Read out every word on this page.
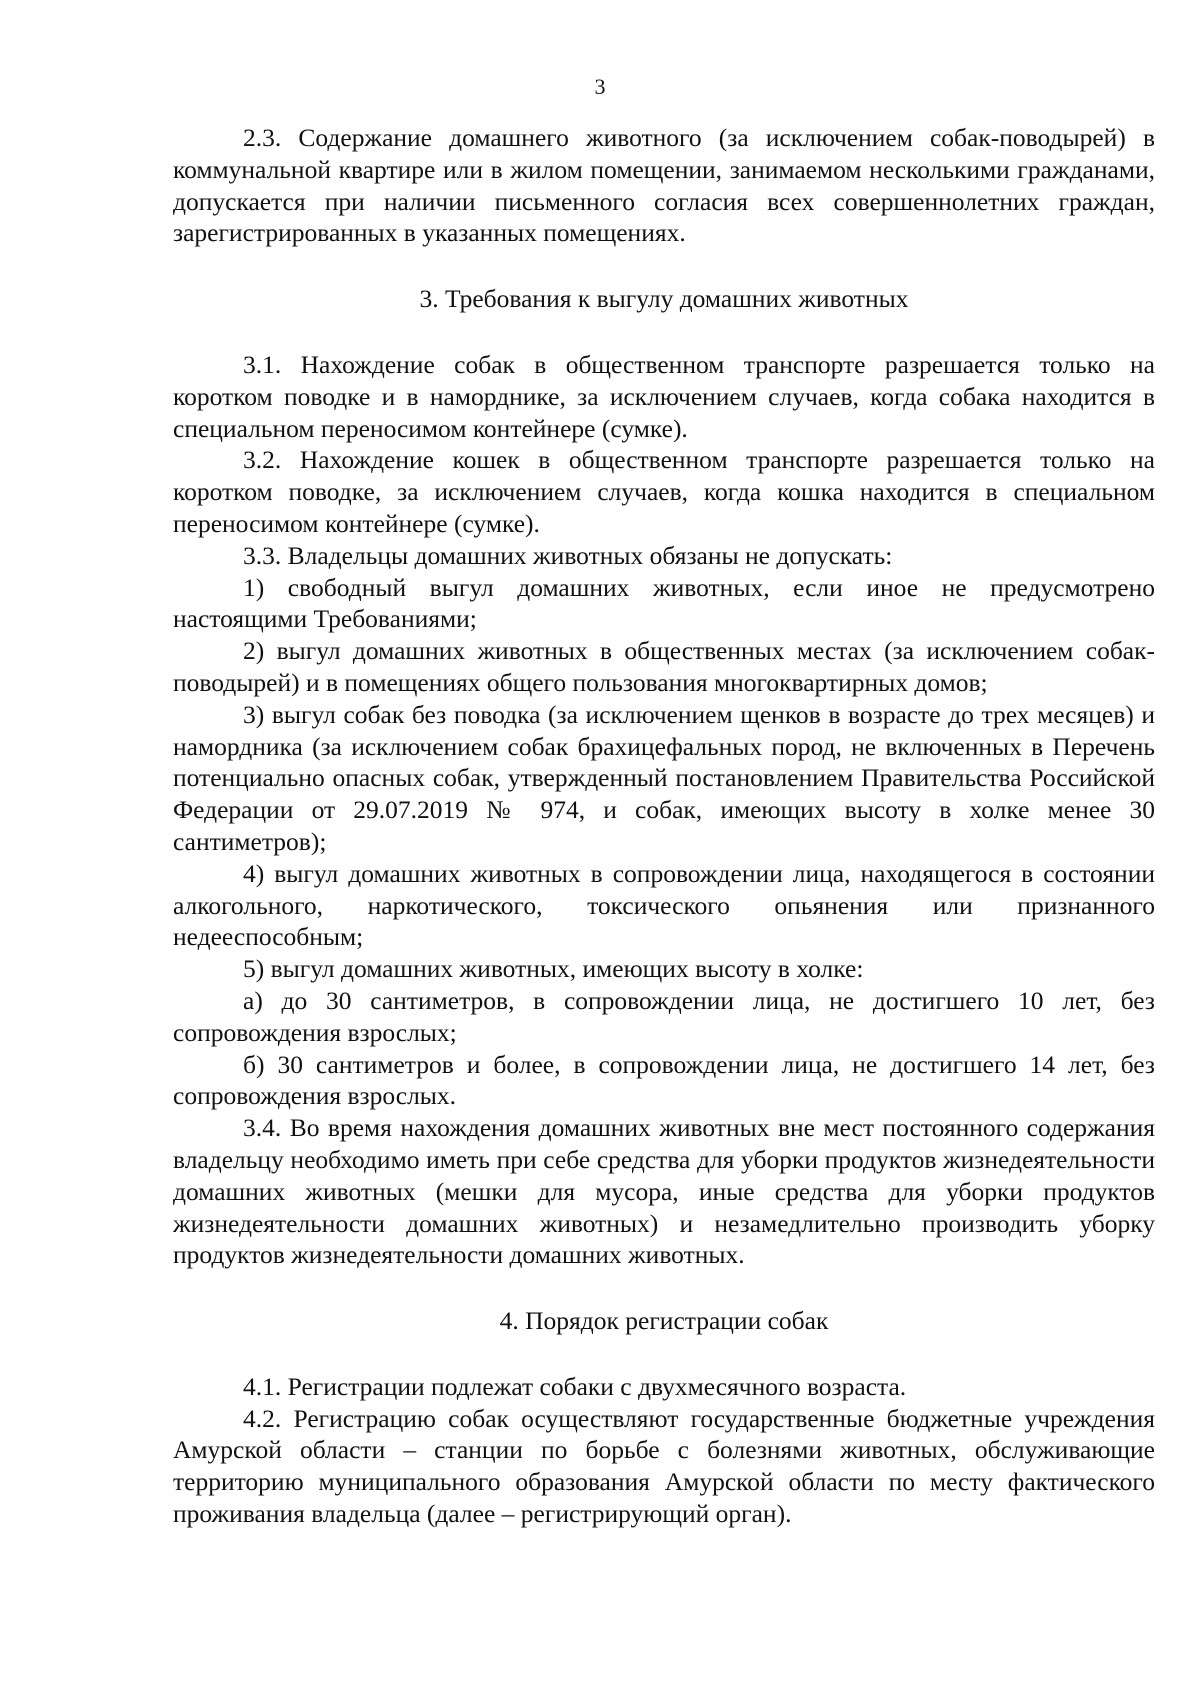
3

2.3. Содержание домашнего животного (за исключением собак-поводырей) в коммунальной квартире или в жилом помещении, занимаемом несколькими гражданами, допускается при наличии письменного согласия всех совершеннолетних граждан, зарегистрированных в указанных помещениях.

3. Требования к выгулу домашних животных

3.1. Нахождение собак в общественном транспорте разрешается только на коротком поводке и в наморднике, за исключением случаев, когда собака находится в специальном переносимом контейнере (сумке).

3.2. Нахождение кошек в общественном транспорте разрешается только на коротком поводке, за исключением случаев, когда кошка находится в специальном переносимом контейнере (сумке).

3.3. Владельцы домашних животных обязаны не допускать:

1) свободный выгул домашних животных, если иное не предусмотрено настоящими Требованиями;

2) выгул домашних животных в общественных местах (за исключением собак-поводырей) и в помещениях общего пользования многоквартирных домов;

3) выгул собак без поводка (за исключением щенков в возрасте до трех месяцев) и намордника (за исключением собак брахицефальных пород, не включенных в Перечень потенциально опасных собак, утвержденный постановлением Правительства Российской Федерации от 29.07.2019 № 974, и собак, имеющих высоту в холке менее 30 сантиметров);

4) выгул домашних животных в сопровождении лица, находящегося в состоянии алкогольного, наркотического, токсического опьянения или признанного недееспособным;

5) выгул домашних животных, имеющих высоту в холке:

а) до 30 сантиметров, в сопровождении лица, не достигшего 10 лет, без сопровождения взрослых;

б) 30 сантиметров и более, в сопровождении лица, не достигшего 14 лет, без сопровождения взрослых.

3.4. Во время нахождения домашних животных вне мест постоянного содержания владельцу необходимо иметь при себе средства для уборки продуктов жизнедеятельности домашних животных (мешки для мусора, иные средства для уборки продуктов жизнедеятельности домашних животных) и незамедлительно производить уборку продуктов жизнедеятельности домашних животных.

4. Порядок регистрации собак

4.1. Регистрации подлежат собаки с двухмесячного возраста.

4.2. Регистрацию собак осуществляют государственные бюджетные учреждения Амурской области – станции по борьбе с болезнями животных, обслуживающие территорию муниципального образования Амурской области по месту фактического проживания владельца (далее – регистрирующий орган).
